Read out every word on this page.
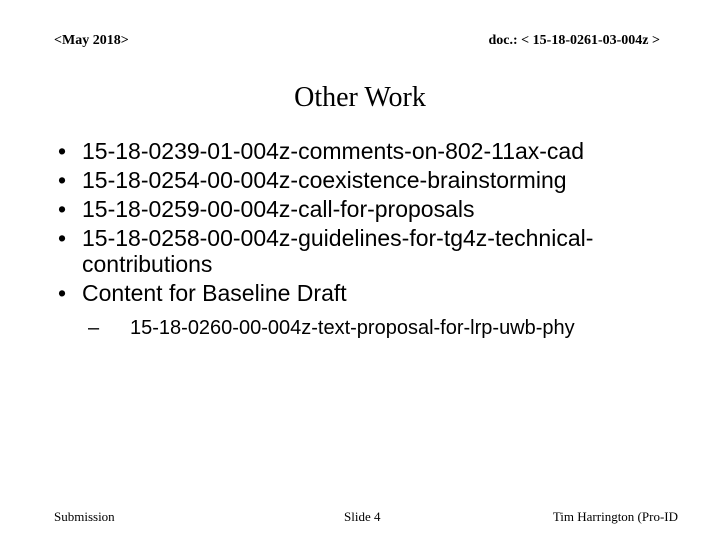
<May 2018>	doc.: < 15-18-0261-03-004z >
Other Work
• 15-18-0239-01-004z-comments-on-802-11ax-cad
• 15-18-0254-00-004z-coexistence-brainstorming
• 15-18-0259-00-004z-call-for-proposals
• 15-18-0258-00-004z-guidelines-for-tg4z-technical-contributions
• Content for Baseline Draft
– 15-18-0260-00-004z-text-proposal-for-lrp-uwb-phy
Submission	Slide 4	Tim Harrington (Pro-ID
